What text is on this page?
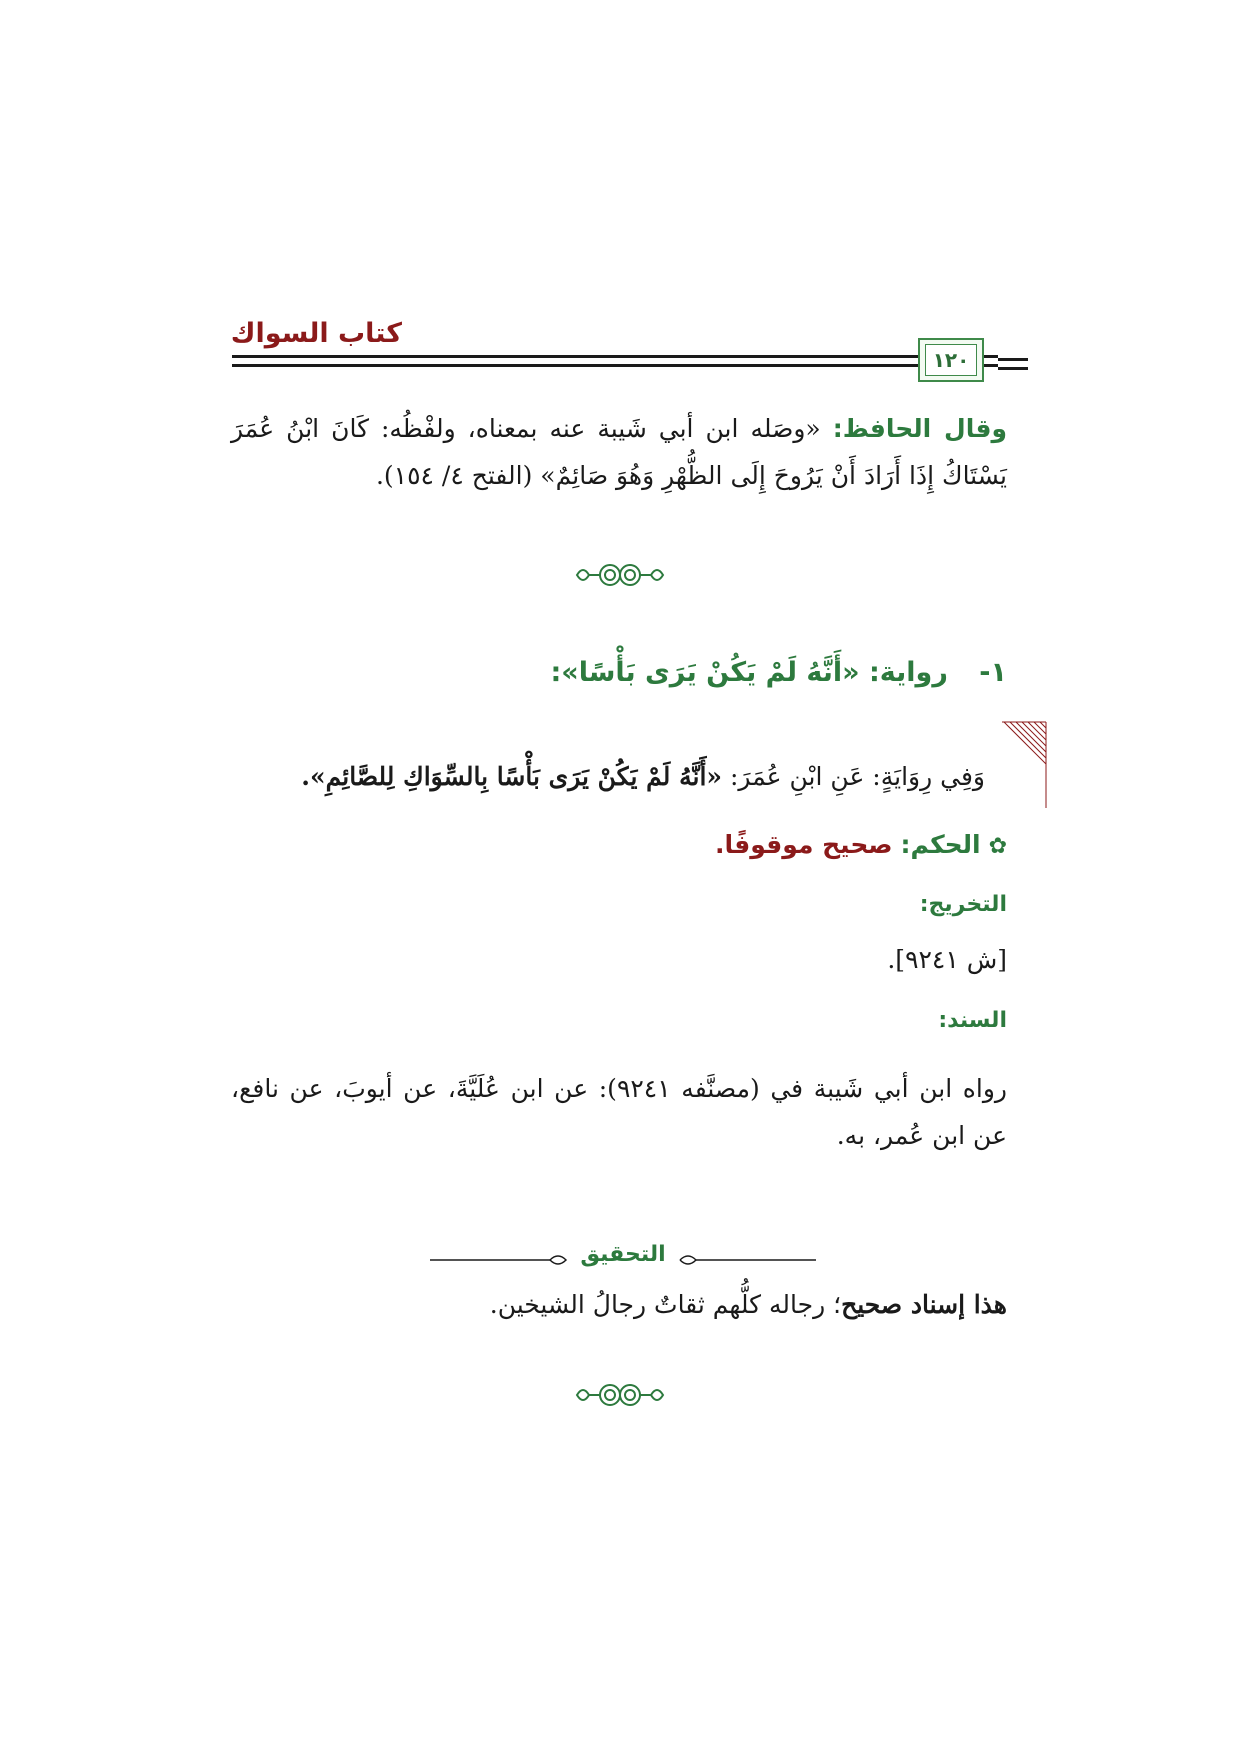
كتاب السواك
١٢٠
وقال الحافظ: «وصَله ابن أبي شَيبة عنه بمعناه، ولفْظُه: كَانَ ابْنُ عُمَرَ يَسْتَاكُ إِذَا أَرَادَ أَنْ يَرُوحَ إِلَى الظُّهْرِ وَهُوَ صَائِمٌ» (الفتح ٤/ ١٥٤).
١- رواية: «أَنَّهُ لَمْ يَكُنْ يَرَى بَأْسًا»:
وَفِي رِوَايَةٍ: عَنِ ابْنِ عُمَرَ: «أَنَّهُ لَمْ يَكُنْ يَرَى بَأْسًا بِالسِّوَاكِ لِلصَّائِمِ».
✿ الحكم: صحيح موقوفًا.
التخريج:
[ش ٩٢٤١].
السند:
رواه ابن أبي شَيبة في (مصنَّفه ٩٢٤١): عن ابن عُلَيَّةَ، عن أيوبَ، عن نافع، عن ابن عُمر، به.
التحقيق
هذا إسناد صحيح؛ رجاله كلُّهم ثقاتٌ رجالُ الشيخين.
